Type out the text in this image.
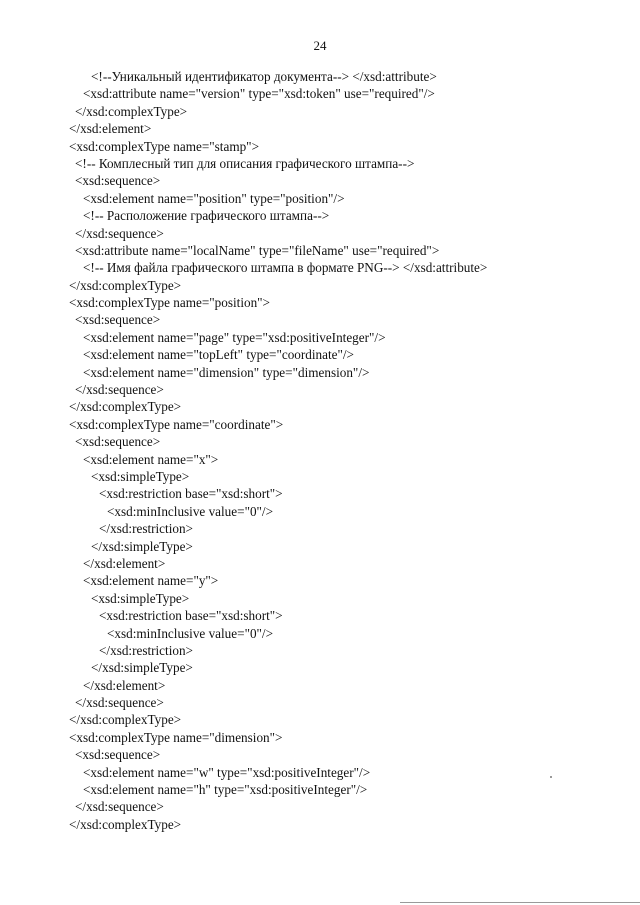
24
<!--Уникальный идентификатор документа--> </xsd:attribute>
<xsd:attribute name="version" type="xsd:token" use="required"/>
</xsd:complexType>
</xsd:element>
<xsd:complexType name="stamp">
<!-- Комплесный тип для описания графического штампа-->
<xsd:sequence>
<xsd:element name="position" type="position"/>
<!-- Расположение графического штампа-->
</xsd:sequence>
<xsd:attribute name="localName" type="fileName" use="required">
<!-- Имя файла графического штампа в формате PNG--> </xsd:attribute>
</xsd:complexType>
<xsd:complexType name="position">
<xsd:sequence>
<xsd:element name="page" type="xsd:positiveInteger"/>
<xsd:element name="topLeft" type="coordinate"/>
<xsd:element name="dimension" type="dimension"/>
</xsd:sequence>
</xsd:complexType>
<xsd:complexType name="coordinate">
<xsd:sequence>
<xsd:element name="x">
<xsd:simpleType>
<xsd:restriction base="xsd:short">
<xsd:minInclusive value="0"/>
</xsd:restriction>
</xsd:simpleType>
</xsd:element>
<xsd:element name="y">
<xsd:simpleType>
<xsd:restriction base="xsd:short">
<xsd:minInclusive value="0"/>
</xsd:restriction>
</xsd:simpleType>
</xsd:element>
</xsd:sequence>
</xsd:complexType>
<xsd:complexType name="dimension">
<xsd:sequence>
<xsd:element name="w" type="xsd:positiveInteger"/>
<xsd:element name="h" type="xsd:positiveInteger"/>
</xsd:sequence>
</xsd:complexType>
